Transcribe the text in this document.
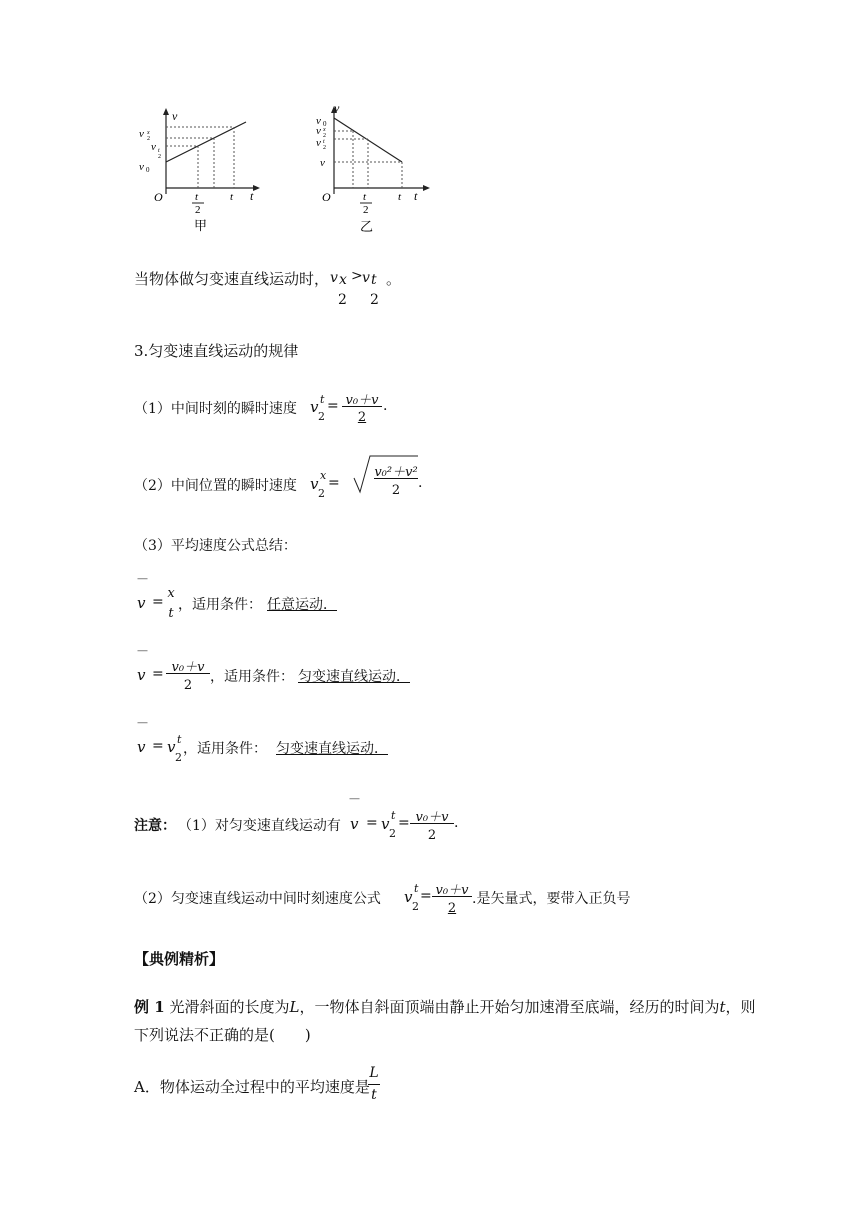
v
t
O
v x
2
v t
2
v 0
t
2
t
甲
v
t
O
v 0
v x
2
v t
2
v
t
2
t
乙
当物体做匀变速直线运动时， v x > v t
2 2
。
3.匀变速直线运动的规律
（1）中间时刻的瞬时速度 v t
2
= v₀＋v
2
.
（2）中间位置的瞬时速度 v x
2
=
v₀²＋v²
2	.
（3）平均速度公式总结：
—
v =
x
t
，适用条件： 任意运动．
—
v = v₀＋v
2
，适用条件： 匀变速直线运动．
—
v = v t
2
，适用条件： 匀变速直线运动．
—
注意： （1）对匀变速直线运动有 v = v t
2
= v₀＋v
2
.
（2）匀变速直线运动中间时刻速度公式 v t
2
= v₀＋v
2
.是矢量式，要带入正负号
【典例精析】
例 1 光滑斜面的长度为L，一物体自斜面顶端由静止开始匀加速滑至底端，经历的时间为t，则
下列说法不正确的是(　　)
A．物体运动全过程中的平均速度是
L
t
